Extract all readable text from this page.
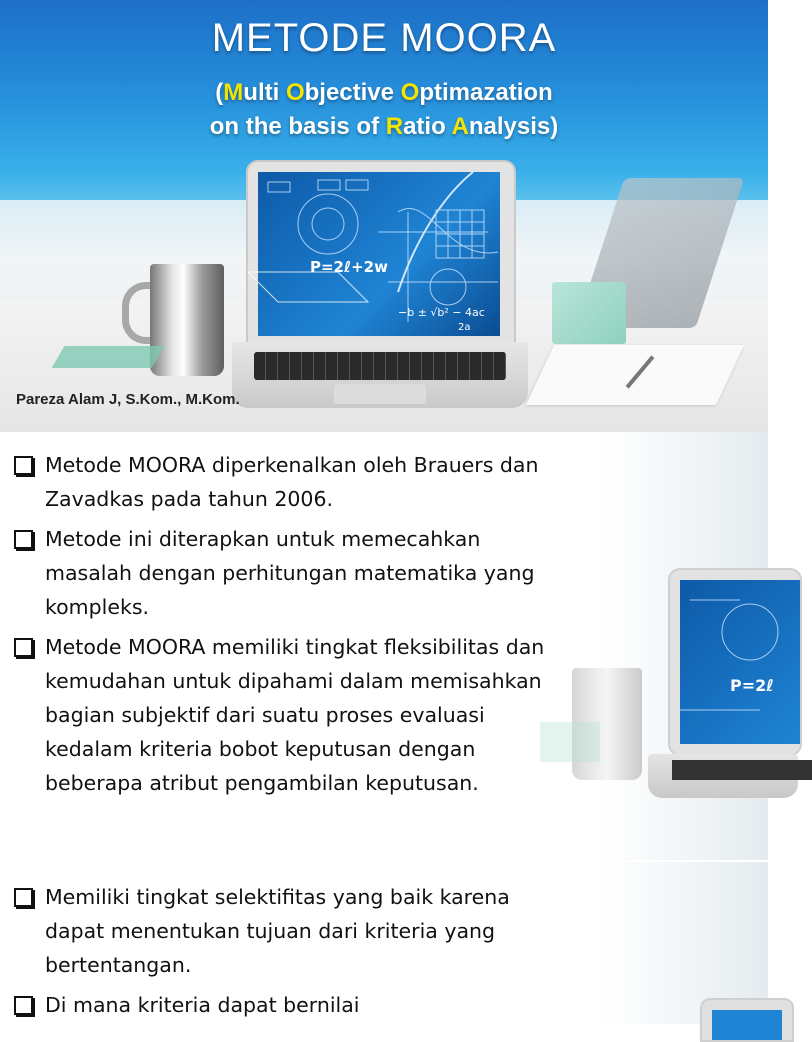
P=2ℓ+2w
−b ± √b² − 4ac
2a
METODE MOORA
(Multi Objective Optimazation
on the basis of Ratio Analysis)
Pareza Alam J, S.Kom., M.Kom.
P=2ℓ
Metode MOORA diperkenalkan oleh Brauers dan
Zavadkas pada tahun 2006.
Metode ini diterapkan untuk memecahkan
masalah dengan perhitungan matematika yang
kompleks.
Metode MOORA memiliki tingkat fleksibilitas dan
kemudahan untuk dipahami dalam memisahkan
bagian subjektif dari suatu proses evaluasi
kedalam kriteria bobot keputusan dengan
beberapa atribut pengambilan keputusan.
Memiliki tingkat selektifitas yang baik karena
dapat menentukan tujuan dari kriteria yang
bertentangan.
Di mana kriteria dapat bernilai
